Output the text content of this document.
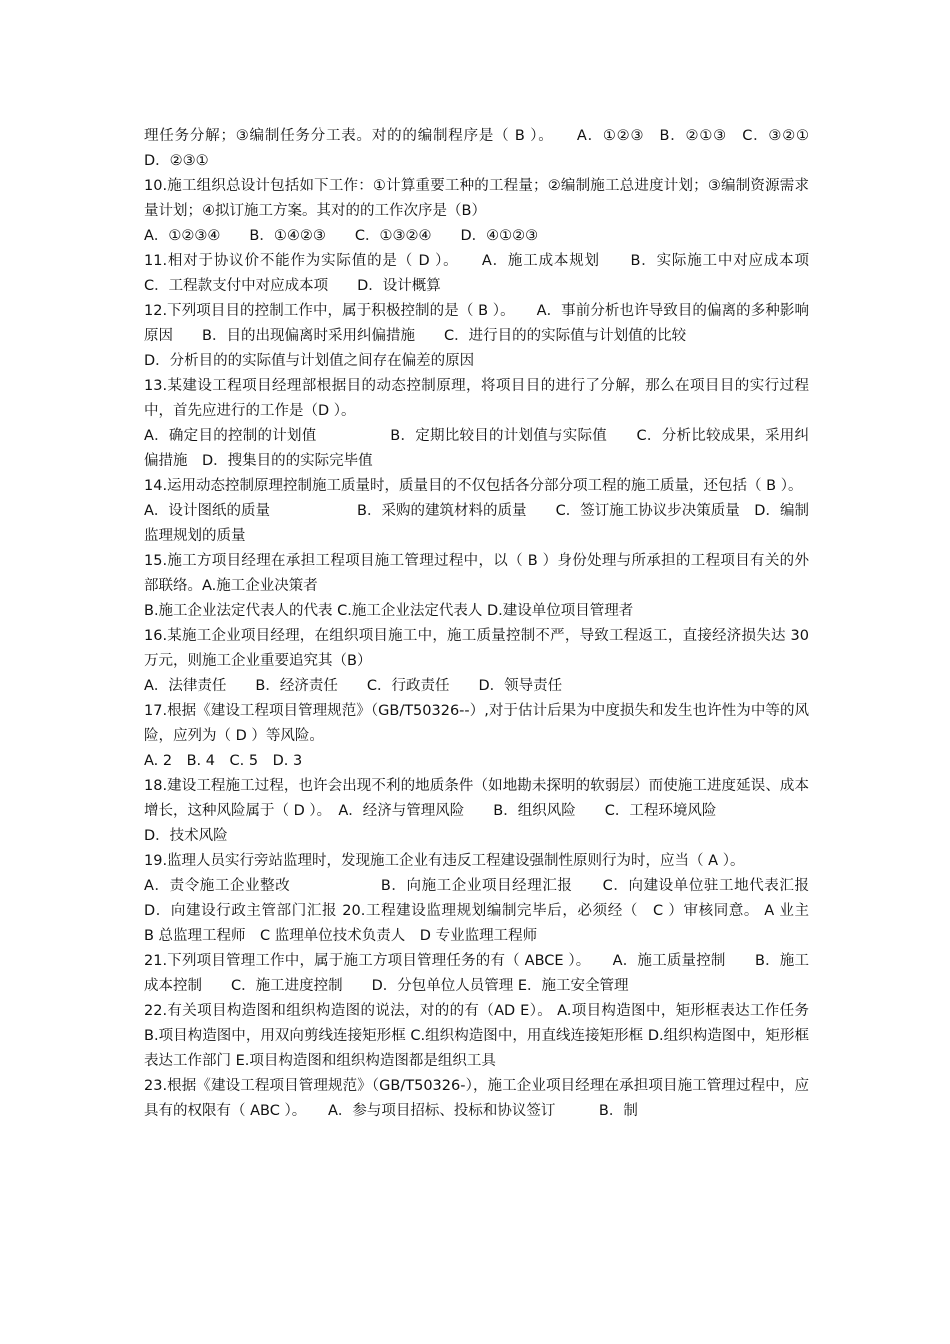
理任务分解；③编制任务分工表。对的的编制程序是（ B ）。　　A．①②③　B．②①③　C．③②①　D．②③①

10.施工组织总设计包括如下工作：①计算重要工种的工程量；②编制施工总进度计划；③编制资源需求量计划；④拟订施工方案。其对的的工作次序是（B）

A．①②③④　　B．①④②③　　C．①③②④　　D．④①②③

11.相对于协议价不能作为实际值的是（ D ）。　　A．施工成本规划　　B．实际施工中对应成本项　　C．工程款支付中对应成本项　　D．设计概算

12.下列项目目的控制工作中，属于积极控制的是（ B ）。　　A．事前分析也许导致目的偏离的多种影响原因　　B．目的出现偏离时采用纠偏措施　　C．进行目的的实际值与计划值的比较

D．分析目的的实际值与计划值之间存在偏差的原因

13.某建设工程项目经理部根据目的动态控制原理，将项目目的进行了分解，那么在项目目的实行过程中，首先应进行的工作是（D ）。

A．确定目的控制的计划值　　　　　B．定期比较目的计划值与实际值　　C．分析比较成果，采用纠偏措施　D．搜集目的的实际完毕值

14.运用动态控制原理控制施工质量时，质量目的不仅包括各分部分项工程的施工质量，还包括（ B ）。

A．设计图纸的质量　　　　　　B．采购的建筑材料的质量　　C．签订施工协议步决策质量　D．编制监理规划的质量

15.施工方项目经理在承担工程项目施工管理过程中，以（ B ）身份处理与所承担的工程项目有关的外部联络。A.施工企业决策者

B.施工企业法定代表人的代表 C.施工企业法定代表人 D.建设单位项目管理者

16.某施工企业项目经理，在组织项目施工中，施工质量控制不严，导致工程返工，直接经济损失达 30 万元，则施工企业重要追究其（B）

A．法律责任　　B．经济责任　　C．行政责任　　D．领导责任

17.根据《建设工程项目管理规范》（GB/T50326--）,对于估计后果为中度损失和发生也许性为中等的风险，应列为（ D ）等风险。

A. 2　B. 4　C. 5　D. 3

18.建设工程施工过程，也许会出现不利的地质条件（如地勘未探明的软弱层）而使施工进度延误、成本增长，这种风险属于（ D ）。　A．经济与管理风险　　B．组织风险　　C．工程环境风险

D．技术风险

19.监理人员实行旁站监理时，发现施工企业有违反工程建设强制性原则行为时，应当（ A ）。

A．责令施工企业整改　　　　　　B．向施工企业项目经理汇报　　C．向建设单位驻工地代表汇报　D．向建设行政主管部门汇报 20.工程建设监理规划编制完毕后，必须经（　C ）审核同意。 A 业主　　B 总监理工程师　C 监理单位技术负责人　D 专业监理工程师

21.下列项目管理工作中，属于施工方项目管理任务的有（ ABCE ）。　　A．施工质量控制　　B．施工成本控制　　C．施工进度控制　　D．分包单位人员管理 E．施工安全管理

22.有关项目构造图和组织构造图的说法，对的的有（AD E）。 A.项目构造图中，矩形框表达工作任务 B.项目构造图中，用双向剪线连接矩形框 C.组织构造图中，用直线连接矩形框 D.组织构造图中，矩形框表达工作部门 E.项目构造图和组织构造图都是组织工具

23.根据《建设工程项目管理规范》（GB/T50326-），施工企业项目经理在承担项目施工管理过程中，应具有的权限有（ ABC ）。　　A．参与项目招标、投标和协议签订　　　B．制
